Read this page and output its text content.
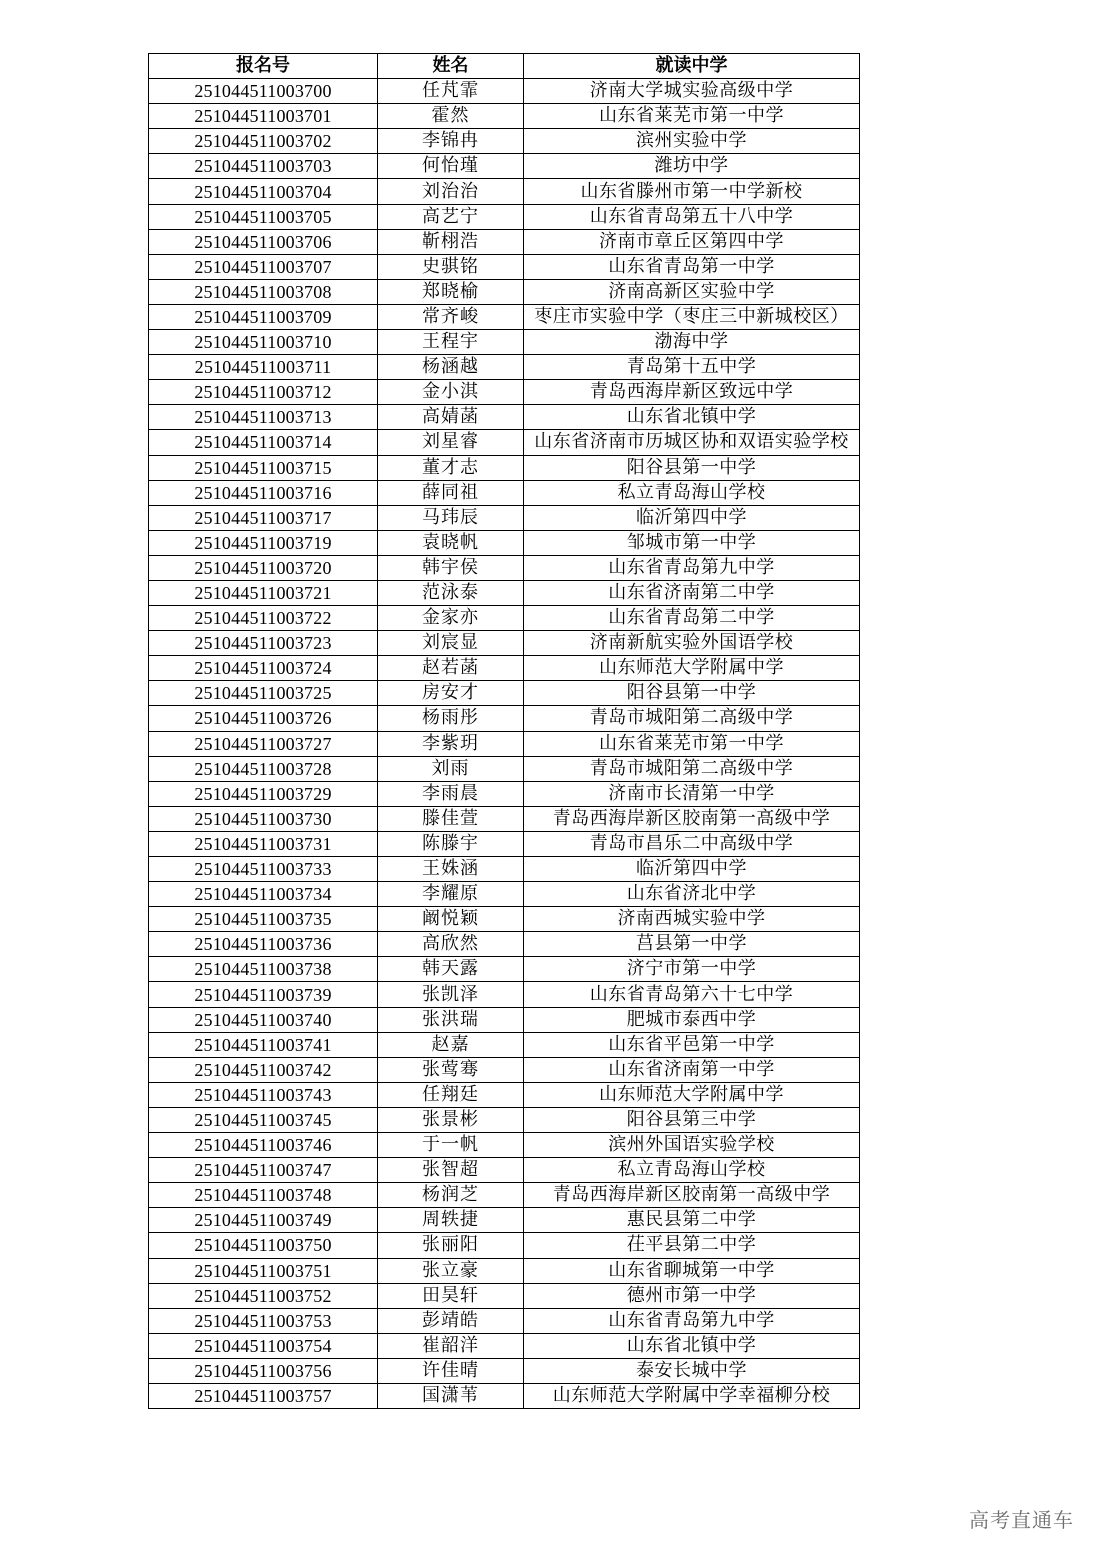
报名号	姓名	就读中学
251044511003700	任芃霏	济南大学城实验高级中学
251044511003701	霍然	山东省莱芜市第一中学
251044511003702	李锦冉	滨州实验中学
251044511003703	何怡瑾	潍坊中学
251044511003704	刘治治	山东省滕州市第一中学新校
251044511003705	高艺宁	山东省青岛第五十八中学
251044511003706	靳栩浩	济南市章丘区第四中学
251044511003707	史骐铭	山东省青岛第一中学
251044511003708	郑晓榆	济南高新区实验中学
251044511003709	常齐峻	枣庄市实验中学（枣庄三中新城校区）
251044511003710	王程宇	渤海中学
251044511003711	杨涵越	青岛第十五中学
251044511003712	金小淇	青岛西海岸新区致远中学
251044511003713	高婧菡	山东省北镇中学
251044511003714	刘星睿	山东省济南市历城区协和双语实验学校
251044511003715	董才志	阳谷县第一中学
251044511003716	薛同祖	私立青岛海山学校
251044511003717	马玮辰	临沂第四中学
251044511003719	袁晓帆	邹城市第一中学
251044511003720	韩宇侯	山东省青岛第九中学
251044511003721	范泳泰	山东省济南第二中学
251044511003722	金家亦	山东省青岛第二中学
251044511003723	刘宸显	济南新航实验外国语学校
251044511003724	赵若菡	山东师范大学附属中学
251044511003725	房安才	阳谷县第一中学
251044511003726	杨雨彤	青岛市城阳第二高级中学
251044511003727	李紫玥	山东省莱芜市第一中学
251044511003728	刘雨	青岛市城阳第二高级中学
251044511003729	李雨晨	济南市长清第一中学
251044511003730	滕佳萱	青岛西海岸新区胶南第一高级中学
251044511003731	陈滕宇	青岛市昌乐二中高级中学
251044511003733	王姝涵	临沂第四中学
251044511003734	李耀原	山东省济北中学
251044511003735	阚悦颖	济南西城实验中学
251044511003736	高欣然	莒县第一中学
251044511003738	韩天露	济宁市第一中学
251044511003739	张凯泽	山东省青岛第六十七中学
251044511003740	张洪瑞	肥城市泰西中学
251044511003741	赵嘉	山东省平邑第一中学
251044511003742	张莺骞	山东省济南第一中学
251044511003743	任翔廷	山东师范大学附属中学
251044511003745	张景彬	阳谷县第三中学
251044511003746	于一帆	滨州外国语实验学校
251044511003747	张智超	私立青岛海山学校
251044511003748	杨润芝	青岛西海岸新区胶南第一高级中学
251044511003749	周轶捷	惠民县第二中学
251044511003750	张丽阳	茌平县第二中学
251044511003751	张立豪	山东省聊城第一中学
251044511003752	田昊轩	德州市第一中学
251044511003753	彭靖皓	山东省青岛第九中学
251044511003754	崔韶洋	山东省北镇中学
251044511003756	许佳晴	泰安长城中学
251044511003757	国潇苇	山东师范大学附属中学幸福柳分校
高考直通车
